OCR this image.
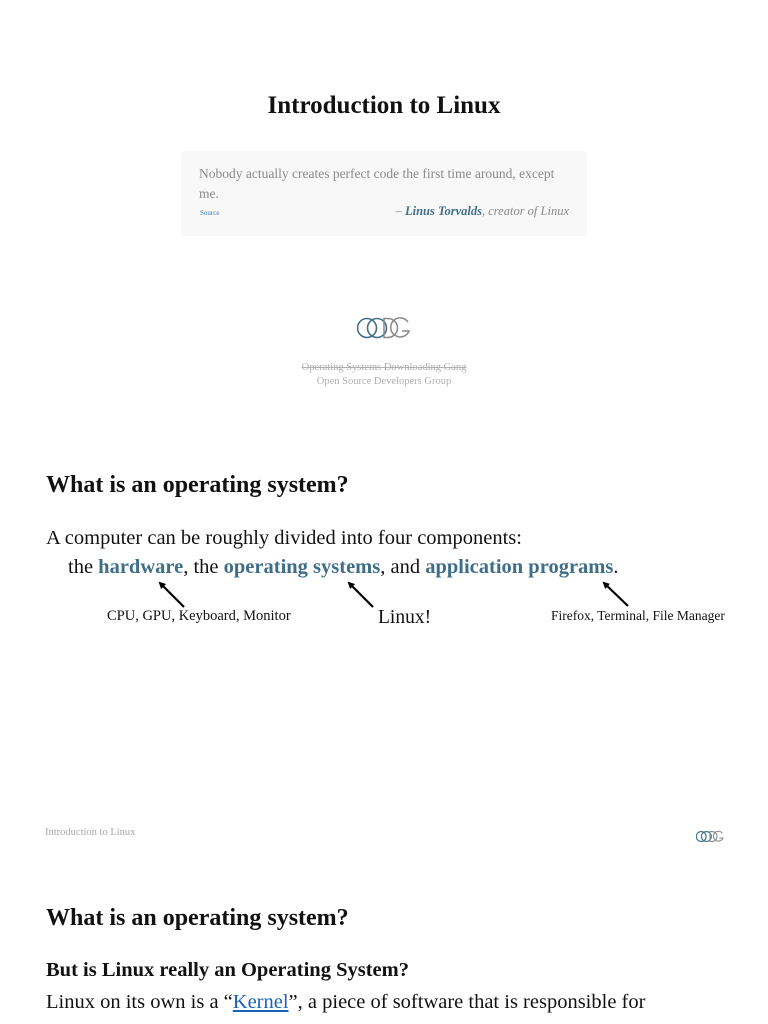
Introduction to Linux

Nobody actually creates perfect code the first time around, except me.

Source	– Linus Torvalds, creator of Linux
Operating Systems Downloading Gang
Open Source Developers Group
What is an operating system?

A computer can be roughly divided into four components:

the hardware, the operating systems, and application programs.

CPU, GPU, Keyboard, Monitor	Linux!	Firefox, Terminal, File Manager
Introduction to Linux
What is an operating system?
But is Linux really an Operating System?

Linux on its own is a “Kernel”, a piece of software that is responsible for
